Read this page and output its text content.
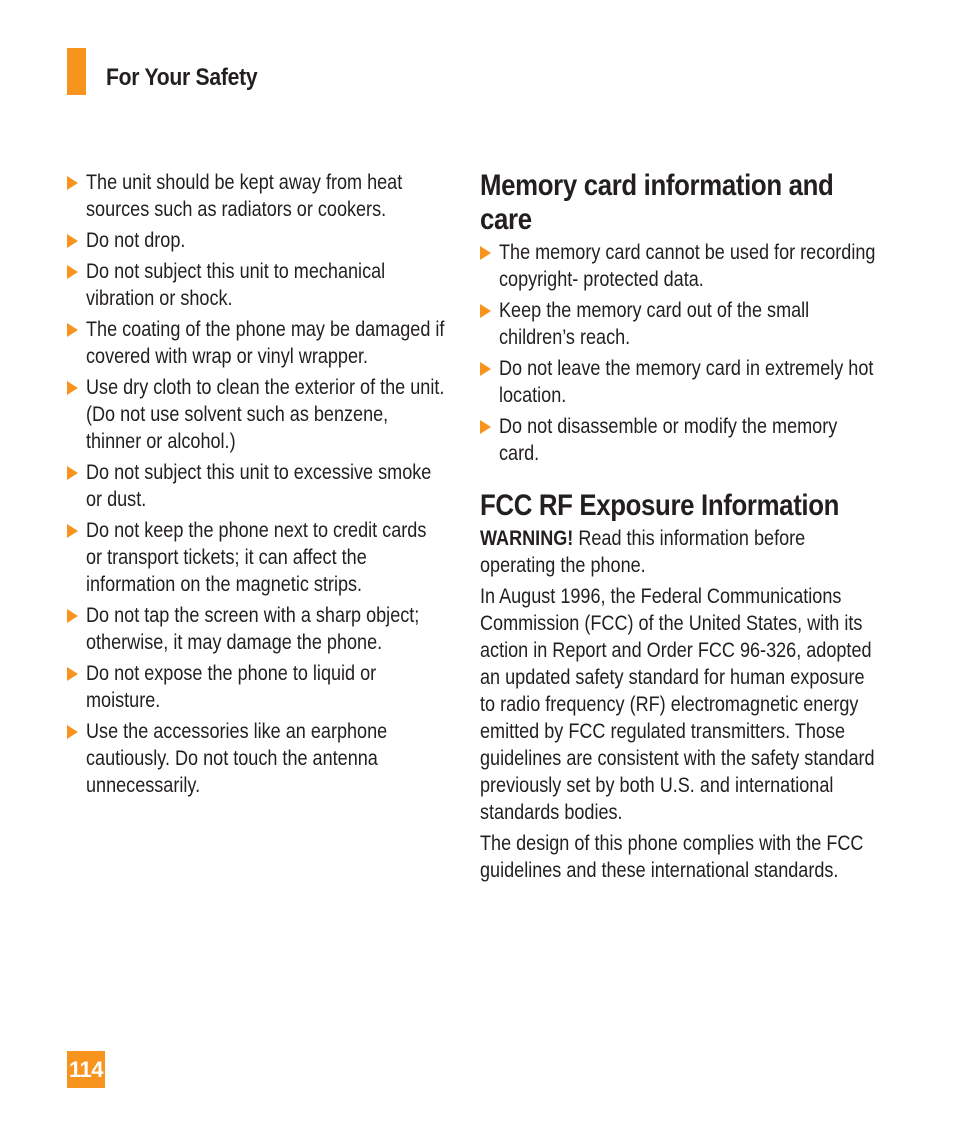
For Your Safety
The unit should be kept away from heat sources such as radiators or cookers.
Do not drop.
Do not subject this unit to mechanical vibration or shock.
The coating of the phone may be damaged if covered with wrap or vinyl wrapper.
Use dry cloth to clean the exterior of the unit. (Do not use solvent such as benzene, thinner or alcohol.)
Do not subject this unit to excessive smoke or dust.
Do not keep the phone next to credit cards or transport tickets; it can affect the information on the magnetic strips.
Do not tap the screen with a sharp object; otherwise, it may damage the phone.
Do not expose the phone to liquid or moisture.
Use the accessories like an earphone cautiously. Do not touch the antenna unnecessarily.
Memory card information and care
The memory card cannot be used for recording copyright- protected data.
Keep the memory card out of the small children’s reach.
Do not leave the memory card in extremely hot location.
Do not disassemble or modify the memory card.
FCC RF Exposure Information

WARNING! Read this information before operating the phone.

In August 1996, the Federal Communications Commission (FCC) of the United States, with its action in Report and Order FCC 96-326, adopted an updated safety standard for human exposure to radio frequency (RF) electromagnetic energy emitted by FCC regulated transmitters. Those guidelines are consistent with the safety standard previously set by both U.S. and international standards bodies.

The design of this phone complies with the FCC guidelines and these international standards.

114
